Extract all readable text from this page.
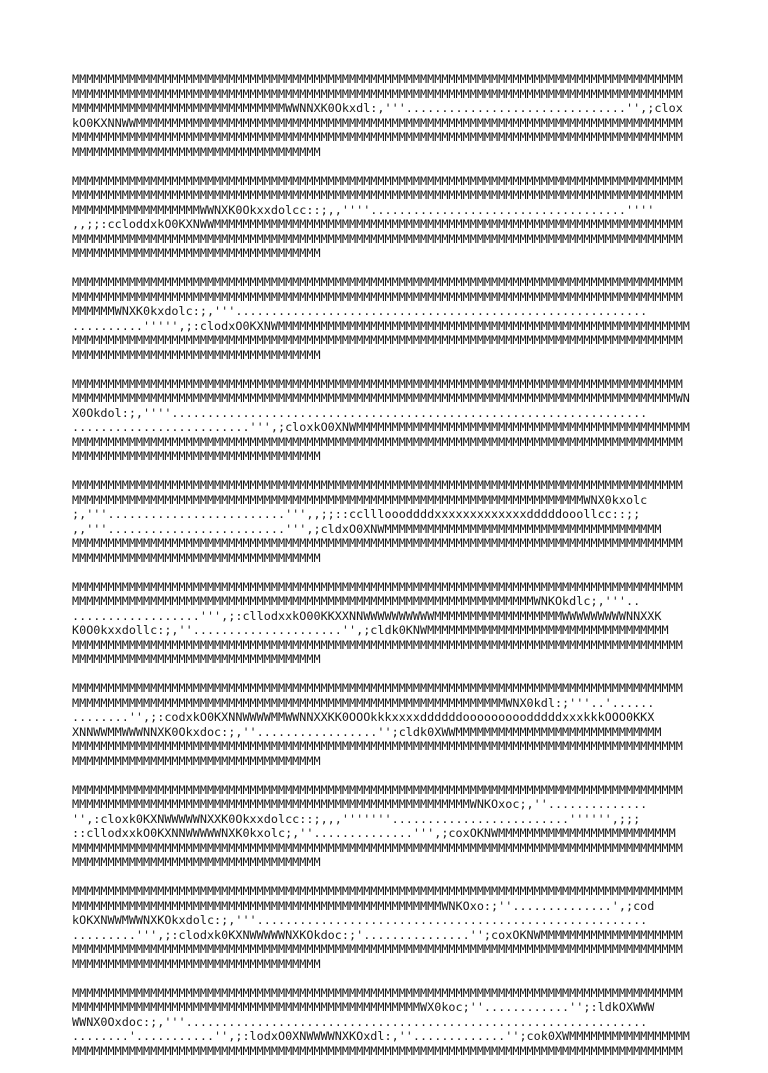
MMMMMMMMMMMMMMMMMMMMMMMMMMMMMMMMMMMMMMMMMMMMMMMMMMMMMMMMMMMMMMMMMMMMMMMMMMMMMMMMMMMMMM
MMMMMMMMMMMMMMMMMMMMMMMMMMMMMMMMMMMMMMMMMMMMMMMMMMMMMMMMMMMMMMMMMMMMMMMMMMMMMMMMMMMMMM
MMMMMMMMMMMMMMMMMMMMMMMMMMMMMMWWNNXK0Okxdl:,'''...............................'',;clox
kO0KXNNWWMMMMMMMMMMMMMMMMMMMMMMMMMMMMMMMMMMMMMMMMMMMMMMMMMMMMMMMMMMMMMMMMMMMMMMMMMMMMM
MMMMMMMMMMMMMMMMMMMMMMMMMMMMMMMMMMMMMMMMMMMMMMMMMMMMMMMMMMMMMMMMMMMMMMMMMMMMMMMMMMMMMM
MMMMMMMMMMMMMMMMMMMMMMMMMMMMMMMMMMM
MMMMMMMMMMMMMMMMMMMMMMMMMMMMMMMMMMMMMMMMMMMMMMMMMMMMMMMMMMMMMMMMMMMMMMMMMMMMMMMMMMMMMM
MMMMMMMMMMMMMMMMMMMMMMMMMMMMMMMMMMMMMMMMMMMMMMMMMMMMMMMMMMMMMMMMMMMMMMMMMMMMMMMMMMMMMM
MMMMMMMMMMMMMMMMMMWWNXK0Okxxdolcc::;,,''''....................................''''
,,;;:ccloddxkO0KXNWWMMMMMMMMMMMMMMMMMMMMMMMMMMMMMMMMMMMMMMMMMMMMMMMMMMMMMMMMMMMMMMMMMM
MMMMMMMMMMMMMMMMMMMMMMMMMMMMMMMMMMMMMMMMMMMMMMMMMMMMMMMMMMMMMMMMMMMMMMMMMMMMMMMMMMMMMM
MMMMMMMMMMMMMMMMMMMMMMMMMMMMMMMMMMM
MMMMMMMMMMMMMMMMMMMMMMMMMMMMMMMMMMMMMMMMMMMMMMMMMMMMMMMMMMMMMMMMMMMMMMMMMMMMMMMMMMMMMM
MMMMMMMMMMMMMMMMMMMMMMMMMMMMMMMMMMMMMMMMMMMMMMMMMMMMMMMMMMMMMMMMMMMMMMMMMMMMMMMMMMMMMM
MMMMMMWNXK0kxdolc:;,'''..........................................................
..........''''',;:clodxO0KXNWMMMMMMMMMMMMMMMMMMMMMMMMMMMMMMMMMMMMMMMMMMMMMMMMMMMMMMMMMM
MMMMMMMMMMMMMMMMMMMMMMMMMMMMMMMMMMMMMMMMMMMMMMMMMMMMMMMMMMMMMMMMMMMMMMMMMMMMMMMMMMMMMM
MMMMMMMMMMMMMMMMMMMMMMMMMMMMMMMMMMM
MMMMMMMMMMMMMMMMMMMMMMMMMMMMMMMMMMMMMMMMMMMMMMMMMMMMMMMMMMMMMMMMMMMMMMMMMMMMMMMMMMMMMM
MMMMMMMMMMMMMMMMMMMMMMMMMMMMMMMMMMMMMMMMMMMMMMMMMMMMMMMMMMMMMMMMMMMMMMMMMMMMMMMMMMMMMWN
X0Okdol:;,''''...................................................................
.........................''',;cloxkO0XNWMMMMMMMMMMMMMMMMMMMMMMMMMMMMMMMMMMMMMMMMMMMMMMM
MMMMMMMMMMMMMMMMMMMMMMMMMMMMMMMMMMMMMMMMMMMMMMMMMMMMMMMMMMMMMMMMMMMMMMMMMMMMMMMMMMMMMM
MMMMMMMMMMMMMMMMMMMMMMMMMMMMMMMMMMM
MMMMMMMMMMMMMMMMMMMMMMMMMMMMMMMMMMMMMMMMMMMMMMMMMMMMMMMMMMMMMMMMMMMMMMMMMMMMMMMMMMMMMM
MMMMMMMMMMMMMMMMMMMMMMMMMMMMMMMMMMMMMMMMMMMMMMMMMMMMMMMMMMMMMMMMMMMMMMMMWNX0kxolc
;,'''.........................''',,;;::ccllloooddddxxxxxxxxxxxxxdddddooollcc::;;
,,'''.........................''',;cldxO0XNWMMMMMMMMMMMMMMMMMMMMMMMMMMMMMMMMMMMMMMM
MMMMMMMMMMMMMMMMMMMMMMMMMMMMMMMMMMMMMMMMMMMMMMMMMMMMMMMMMMMMMMMMMMMMMMMMMMMMMMMMMMMMMM
MMMMMMMMMMMMMMMMMMMMMMMMMMMMMMMMMMM
MMMMMMMMMMMMMMMMMMMMMMMMMMMMMMMMMMMMMMMMMMMMMMMMMMMMMMMMMMMMMMMMMMMMMMMMMMMMMMMMMMMMMM
MMMMMMMMMMMMMMMMMMMMMMMMMMMMMMMMMMMMMMMMMMMMMMMMMMMMMMMMMMMMMMMMMWNKOkdlc;,'''..
..................''',;:cllodxxkO00KKXXNNWWWWWWWWWWMMMMMMMMMMMMMMMMMMWWWWWWWWWNNXXK
K0O0kxxdollc:;,''.....................'',;cldk0KNWMMMMMMMMMMMMMMMMMMMMMMMMMMMMMMMMMM
MMMMMMMMMMMMMMMMMMMMMMMMMMMMMMMMMMMMMMMMMMMMMMMMMMMMMMMMMMMMMMMMMMMMMMMMMMMMMMMMMMMMMM
MMMMMMMMMMMMMMMMMMMMMMMMMMMMMMMMMMM
MMMMMMMMMMMMMMMMMMMMMMMMMMMMMMMMMMMMMMMMMMMMMMMMMMMMMMMMMMMMMMMMMMMMMMMMMMMMMMMMMMMMMM
MMMMMMMMMMMMMMMMMMMMMMMMMMMMMMMMMMMMMMMMMMMMMMMMMMMMMMMMMMMMMWNX0kdl:;'''..'......
........'',;:codxkO0KXNNWWWWMMWWNNXXKK0OOOkkkxxxxddddddooooooooodddddxxxkkkOOO0KKX
XNNWWMMWWWNNXK0Okxdoc:;,''.................'';cldk0XWWMMMMMMMMMMMMMMMMMMMMMMMMMMMMM
MMMMMMMMMMMMMMMMMMMMMMMMMMMMMMMMMMMMMMMMMMMMMMMMMMMMMMMMMMMMMMMMMMMMMMMMMMMMMMMMMMMMMM
MMMMMMMMMMMMMMMMMMMMMMMMMMMMMMMMMMM
MMMMMMMMMMMMMMMMMMMMMMMMMMMMMMMMMMMMMMMMMMMMMMMMMMMMMMMMMMMMMMMMMMMMMMMMMMMMMMMMMMMMMM
MMMMMMMMMMMMMMMMMMMMMMMMMMMMMMMMMMMMMMMMMMMMMMMMMMMMMMMMWNKOxoc;,''..............
'',:cloxk0KXNWWWWWNXXK0Okxxdolcc::;,,,'''''''.........................'''''',;;;
::cllodxxkO0KXNNWWWWWNXK0kxolc;,''..............''',;coxOKNWMMMMMMMMMMMMMMMMMMMMMMMMM
MMMMMMMMMMMMMMMMMMMMMMMMMMMMMMMMMMMMMMMMMMMMMMMMMMMMMMMMMMMMMMMMMMMMMMMMMMMMMMMMMMMMMM
MMMMMMMMMMMMMMMMMMMMMMMMMMMMMMMMMMM
MMMMMMMMMMMMMMMMMMMMMMMMMMMMMMMMMMMMMMMMMMMMMMMMMMMMMMMMMMMMMMMMMMMMMMMMMMMMMMMMMMMMMM
MMMMMMMMMMMMMMMMMMMMMMMMMMMMMMMMMMMMMMMMMMMMMMMMMMMMWNKOxo:;''..............',;cod
kOKXNWWMWWNXKOkxdolc:;,'''.......................................................
.........''',;:clodxk0KXNWWWWWNXKOkdoc:;'...............'';coxOKNWMMMMMMMMMMMMMMMMMMMM
MMMMMMMMMMMMMMMMMMMMMMMMMMMMMMMMMMMMMMMMMMMMMMMMMMMMMMMMMMMMMMMMMMMMMMMMMMMMMMMMMMMMMM
MMMMMMMMMMMMMMMMMMMMMMMMMMMMMMMMMMM
MMMMMMMMMMMMMMMMMMMMMMMMMMMMMMMMMMMMMMMMMMMMMMMMMMMMMMMMMMMMMMMMMMMMMMMMMMMMMMMMMMMMMM
MMMMMMMMMMMMMMMMMMMMMMMMMMMMMMMMMMMMMMMMMMMMMMMMMWX0koc;''............'';:ldkOXWWW
WWNX0Oxdoc:;,'''.................................................................
........'...........'',;:lodxO0XNWWWWNXKOxdl:,''.............'';cok0XWMMMMMMMMMMMMMMMMM
MMMMMMMMMMMMMMMMMMMMMMMMMMMMMMMMMMMMMMMMMMMMMMMMMMMMMMMMMMMMMMMMMMMMMMMMMMMMMMMMMMMMMM
